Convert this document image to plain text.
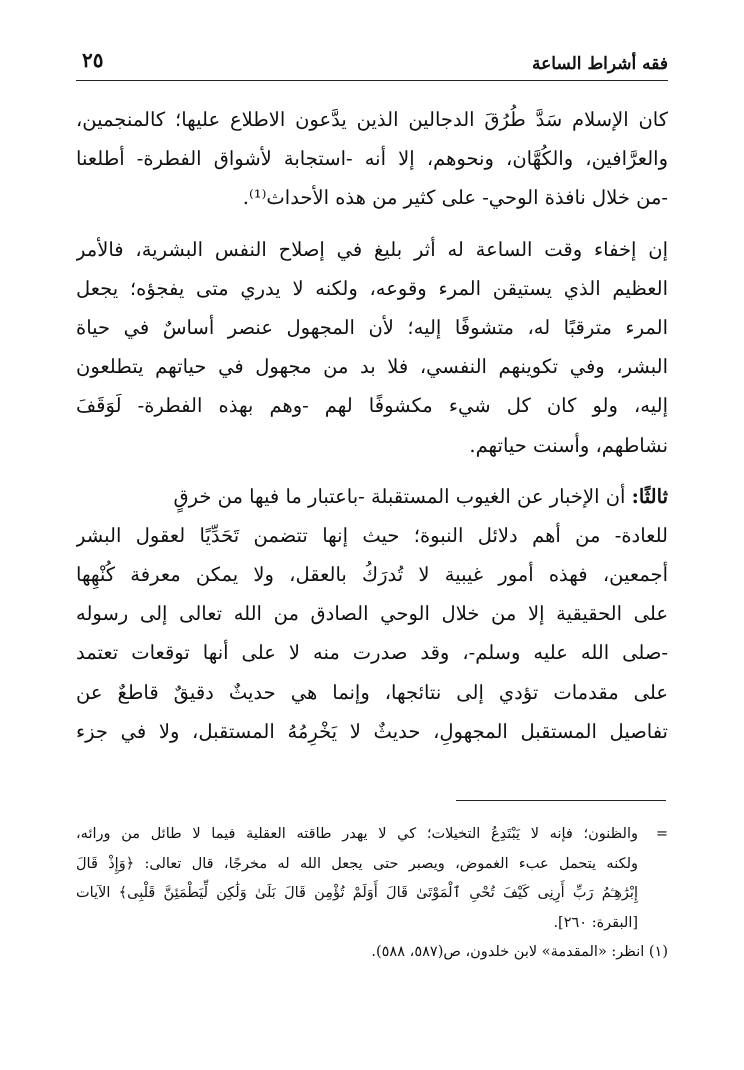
فقه أشراط الساعة
٢٥
كان الإسلام سَدَّ طُرُقَ الدجالين الذين يدَّعون الاطلاع عليها؛ كالمنجمين،
والعرَّافين، والكُهَّان، ونحوهم، إلا أنه -استجابة لأشواق الفطرة- أطلعنا
-من خلال نافذة الوحي- على كثير من هذه الأحداث⁽¹⁾.
إن إخفاء وقت الساعة له أثر بليغ في إصلاح النفس البشرية، فالأمر
العظيم الذي يستيقن المرء وقوعه، ولكنه لا يدري متى يفجؤه؛ يجعل
المرء مترقبًا له، متشوفًا إليه؛ لأن المجهول عنصر أساسٌ في حياة
البشر، وفي تكوينهم النفسي، فلا بد من مجهول في حياتهم يتطلعون
إليه، ولو كان كل شيء مكشوفًا لهم -وهم بهذه الفطرة- لَوَقَفَ
نشاطهم، وأسنت حياتهم.
ثالثًا: أن الإخبار عن الغيوب المستقبلة -باعتبار ما فيها من خرقٍ
للعادة- من أهم دلائل النبوة؛ حيث إنها تتضمن تَحَدِّيًا لعقول البشر
أجمعين، فهذه أمور غيبية لا تُدرَكُ بالعقل، ولا يمكن معرفة كُنْهِها
على الحقيقية إلا من خلال الوحي الصادق من الله تعالى إلى رسوله
-صلى الله عليه وسلم-، وقد صدرت منه لا على أنها توقعات تعتمد
على مقدمات تؤدي إلى نتائجها، وإنما هي حديثٌ دقيقٌ قاطعٌ عن
تفاصيل المستقبل المجهولِ، حديثٌ لا يَخْرِمُهُ المستقبل، ولا في جزء
=والظنون؛ فإنه لا يَبْتَدِعُ التخيلات؛ كي لا يهدر طاقته العقلية فيما لا طائل من ورائه،
ولكنه يتحمل عبء الغموض، ويصبر حتى يجعل الله له مخرجًا، قال تعالى: ﴿وَإِذْ قَالَ
إِبْرَٰهِـۧمُ رَبِّ أَرِنِى كَيْفَ تُحْىِ ٱلْمَوْتَىٰ قَالَ أَوَلَمْ تُؤْمِن قَالَ بَلَىٰ وَلَٰكِن لِّيَطْمَئِنَّ قَلْبِى﴾ الآيات
[البقرة: ٢٦٠].
(١) انظر: «المقدمة» لابن خلدون، ص(٥٨٧، ٥٨٨).
